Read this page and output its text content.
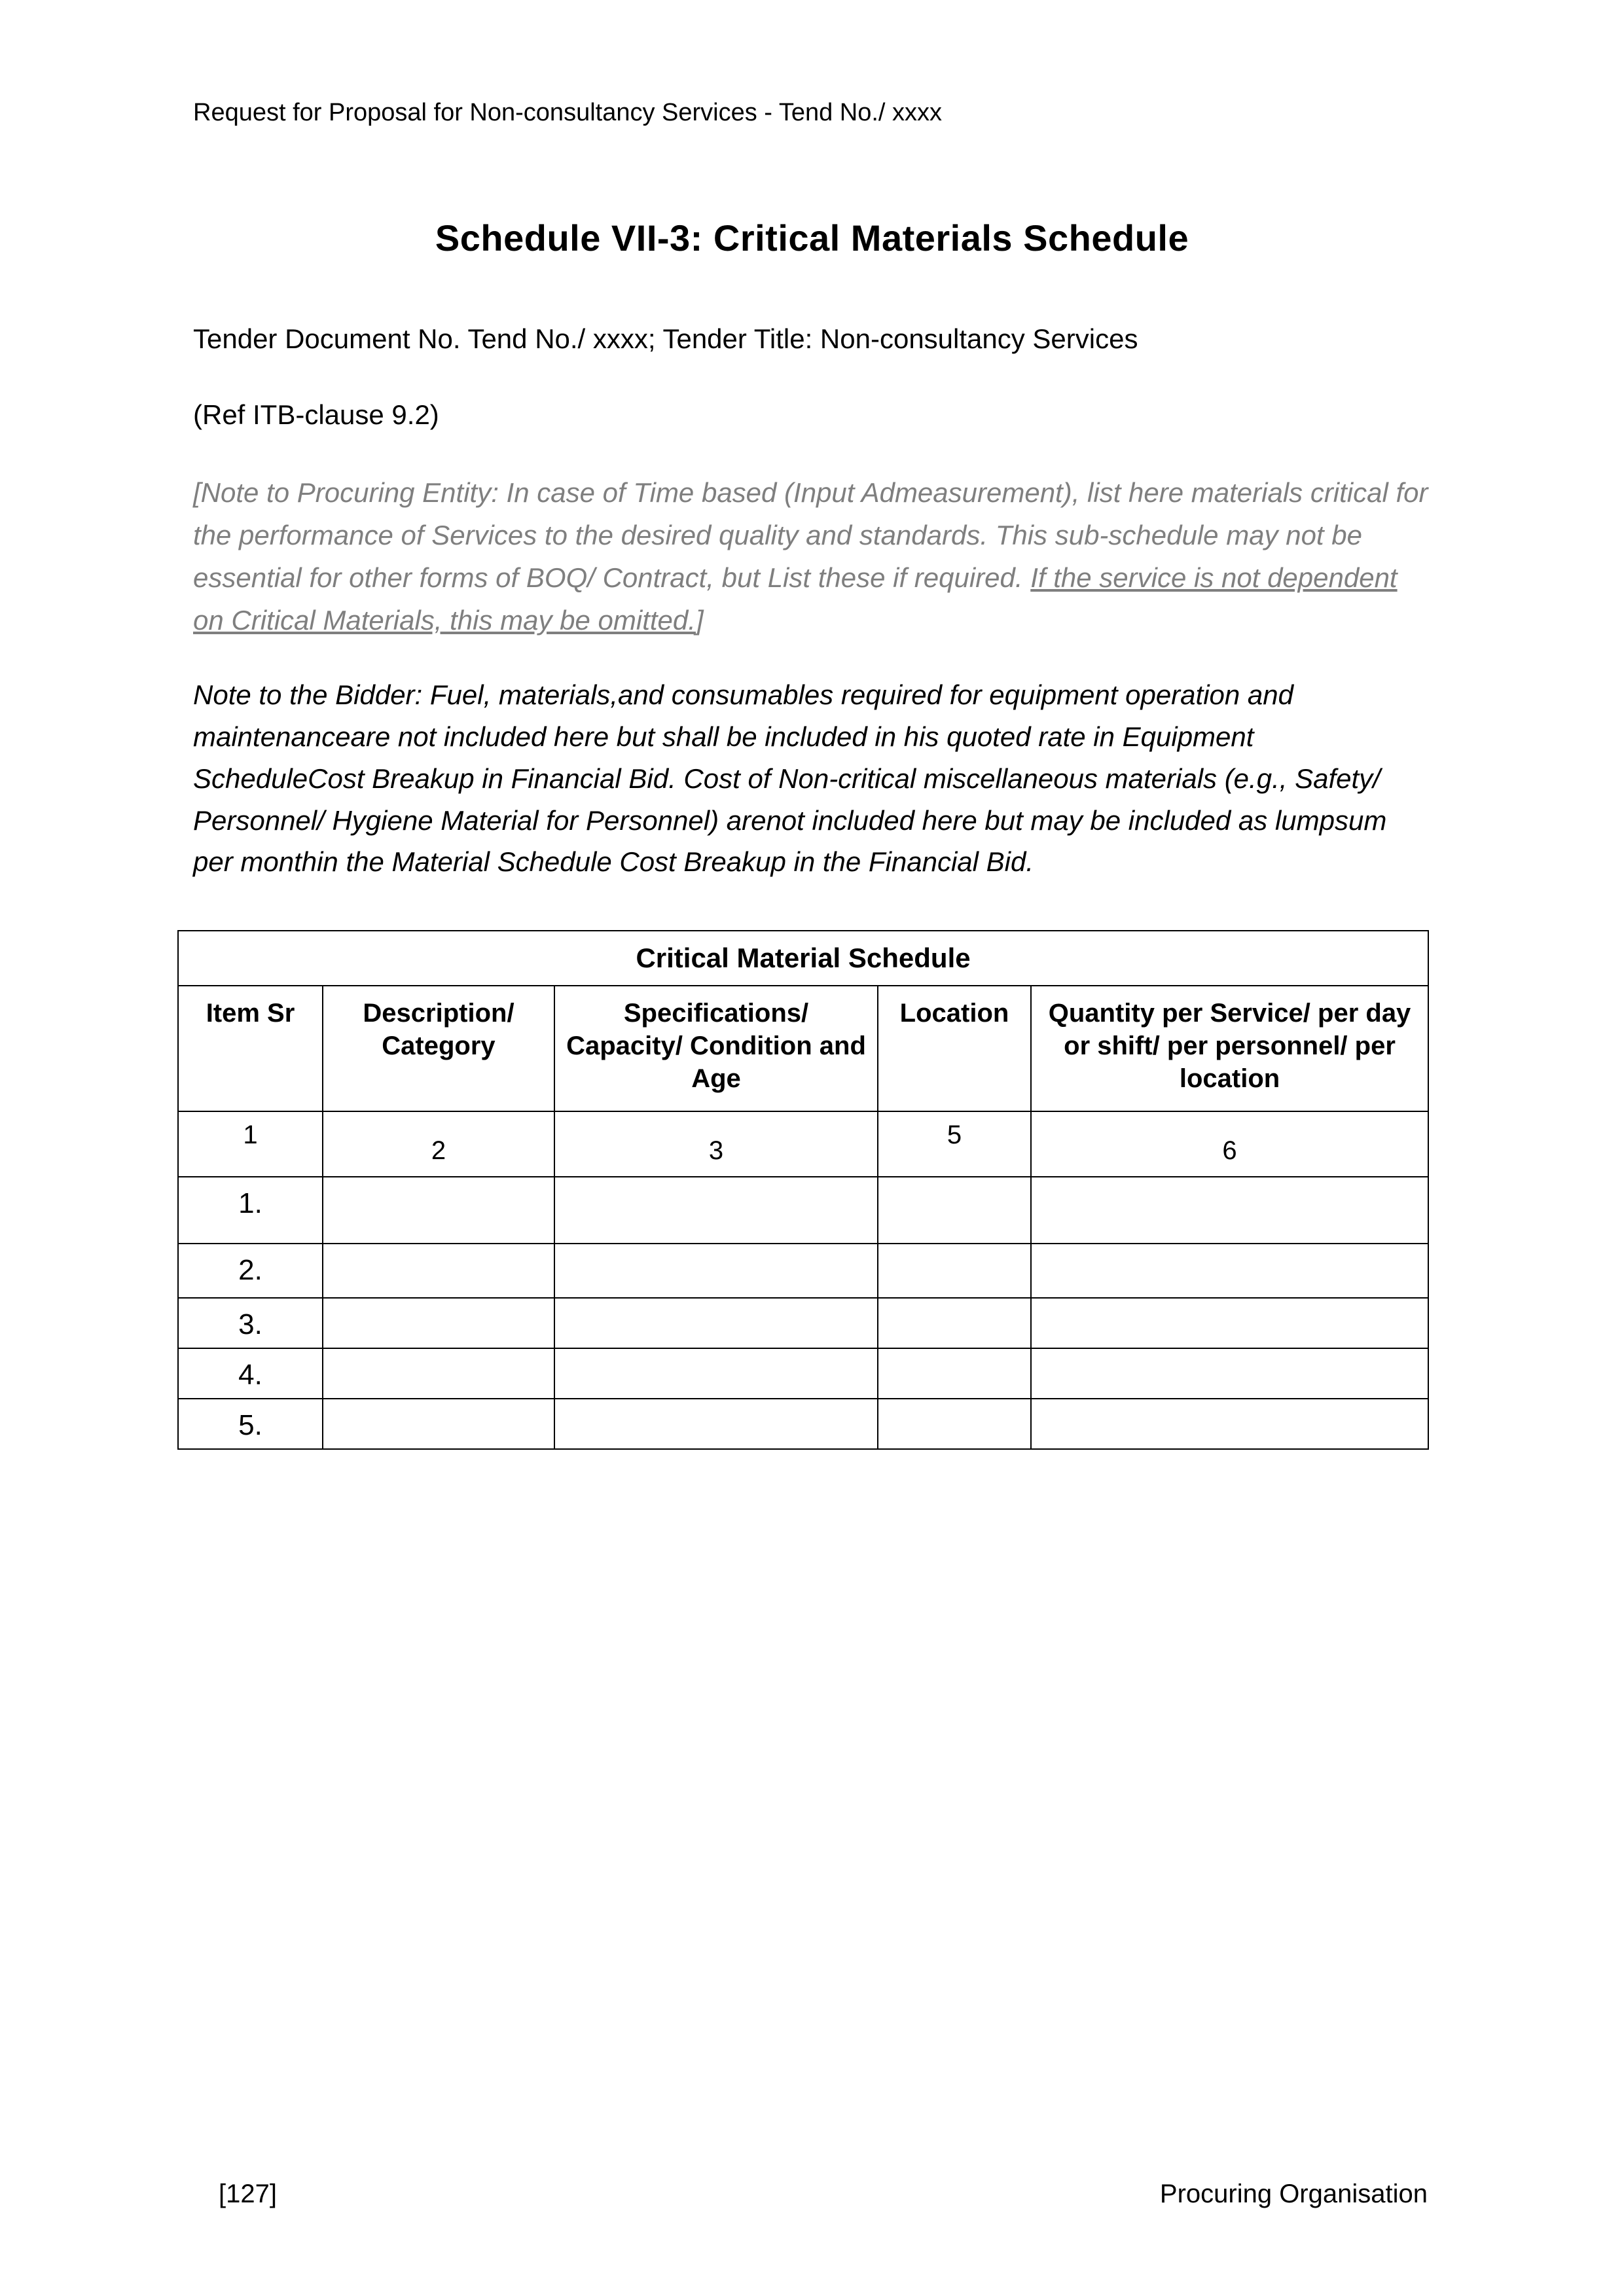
Request for Proposal for Non-consultancy Services - Tend No./ xxxx
Schedule VII-3: Critical Materials Schedule

Tender Document No. Tend No./ xxxx; Tender Title: Non-consultancy Services

(Ref ITB-clause 9.2)

[Note to Procuring Entity: In case of Time based (Input Admeasurement), list here materials critical for the performance of Services to the desired quality and standards. This sub-schedule may not be essential for other forms of BOQ/ Contract, but List these if required. If the service is not dependent on Critical Materials, this may be omitted.]

Note to the Bidder: Fuel, materials,and consumables required for equipment operation and maintenanceare not included here but shall be included in his quoted rate in Equipment ScheduleCost Breakup in Financial Bid. Cost of Non-critical miscellaneous materials (e.g., Safety/ Personnel/ Hygiene Material for Personnel) arenot included here but may be included as lumpsum per monthin the Material Schedule Cost Breakup in the Financial Bid.

Critical Material Schedule				
Item Sr	Description/ Category	Specifications/ Capacity/ Condition and Age	Location	Quantity per Service/ per day or shift/ per personnel/ per location
1	2	3	5	6
1.				
2.				
3.				
4.				
5.				
[127]	Procuring Organisation
